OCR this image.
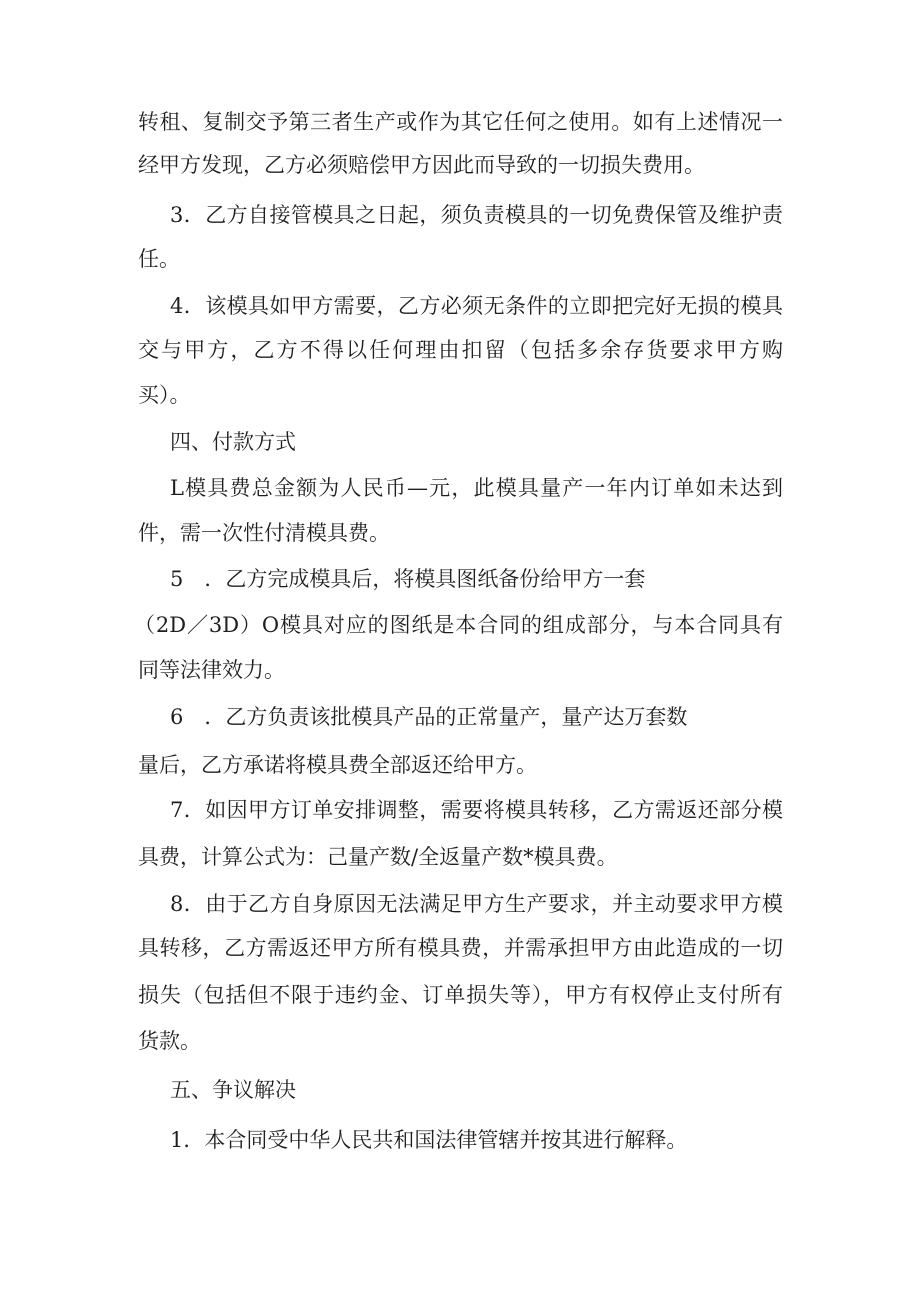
转租、复制交予第三者生产或作为其它任何之使用。如有上述情况一
经甲方发现，乙方必须赔偿甲方因此而导致的一切损失费用。
3．乙方自接管模具之日起，须负责模具的一切免费保管及维护责
任。
4．该模具如甲方需要，乙方必须无条件的立即把完好无损的模具
交与甲方，乙方不得以任何理由扣留（包括多余存货要求甲方购
买）。
四、付款方式
L模具费总金额为人民币—元，此模具量产一年内订单如未达到
件，需一次性付清模具费。
5　．乙方完成模具后，将模具图纸备份给甲方一套
（2D／3D）O模具对应的图纸是本合同的组成部分，与本合同具有
同等法律效力。
6　．乙方负责该批模具产品的正常量产，量产达万套数
量后，乙方承诺将模具费全部返还给甲方。
7．如因甲方订单安排调整，需要将模具转移，乙方需返还部分模
具费，计算公式为：己量产数/全返量产数*模具费。
8．由于乙方自身原因无法满足甲方生产要求，并主动要求甲方模
具转移，乙方需返还甲方所有模具费，并需承担甲方由此造成的一切
损失（包括但不限于违约金、订单损失等），甲方有权停止支付所有
货款。
五、争议解决
1．本合同受中华人民共和国法律管辖并按其进行解释。
